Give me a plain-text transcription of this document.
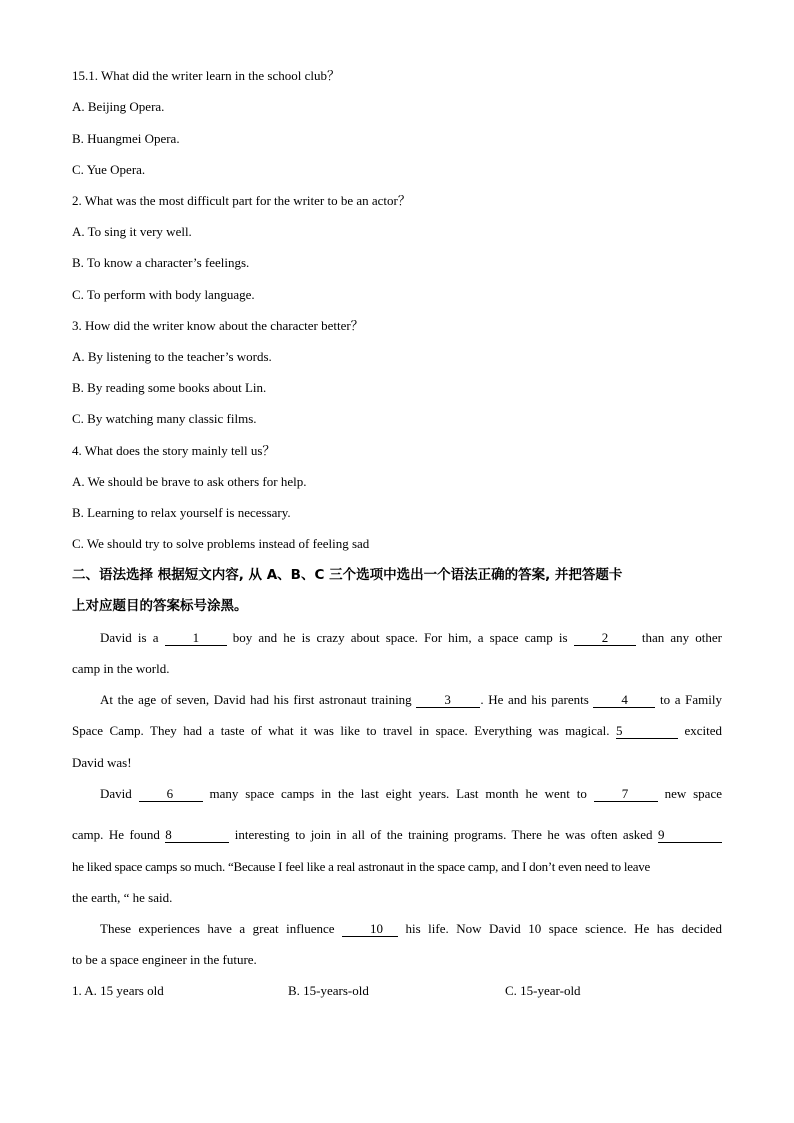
15.1. What did the writer learn in the school club？
A. Beijing Opera.
B. Huangmei Opera.
C. Yue Opera.
2. What was the most difficult part for the writer to be an actor？
A. To sing it very well.
B. To know a character’s feelings.
C. To perform with body language.
3. How did the writer know about the character better？
A. By listening to the teacher’s words.
B. By reading some books about Lin.
C. By watching many classic films.
4. What does the story mainly tell us？
A. We should be brave to ask others for help.
B. Learning to relax yourself is necessary.
C. We should try to solve problems instead of feeling sad
二、语法选择 根据短文内容, 从 A、B、C 三个选项中选出一个语法正确的答案, 并把答题卡
上对应题目的答案标号涂黑。
David is a 1 boy and he is crazy about space. For him, a space camp is 2 than any other
camp in the world.
At the age of seven, David had his first astronaut training 3 . He and his parents 4 to a Family
Space Camp. They had a taste of what it was like to travel in space. Everything was magical. 5	excited
David was!
David 6 many space camps in the last eight years. Last month he went to 7 new space
camp. He found 8	interesting to join in all of the training programs. There he was often asked 9
he liked space camps so much. “Because I feel like a real astronaut in the space camp, and I don’t even need to leave
the earth, “ he said.
These experiences have a great influence 10 his life. Now David 10 space science. He has decided
to be a space engineer in the future.
1. A. 15 years old	B. 15-years-old	C. 15-year-old
